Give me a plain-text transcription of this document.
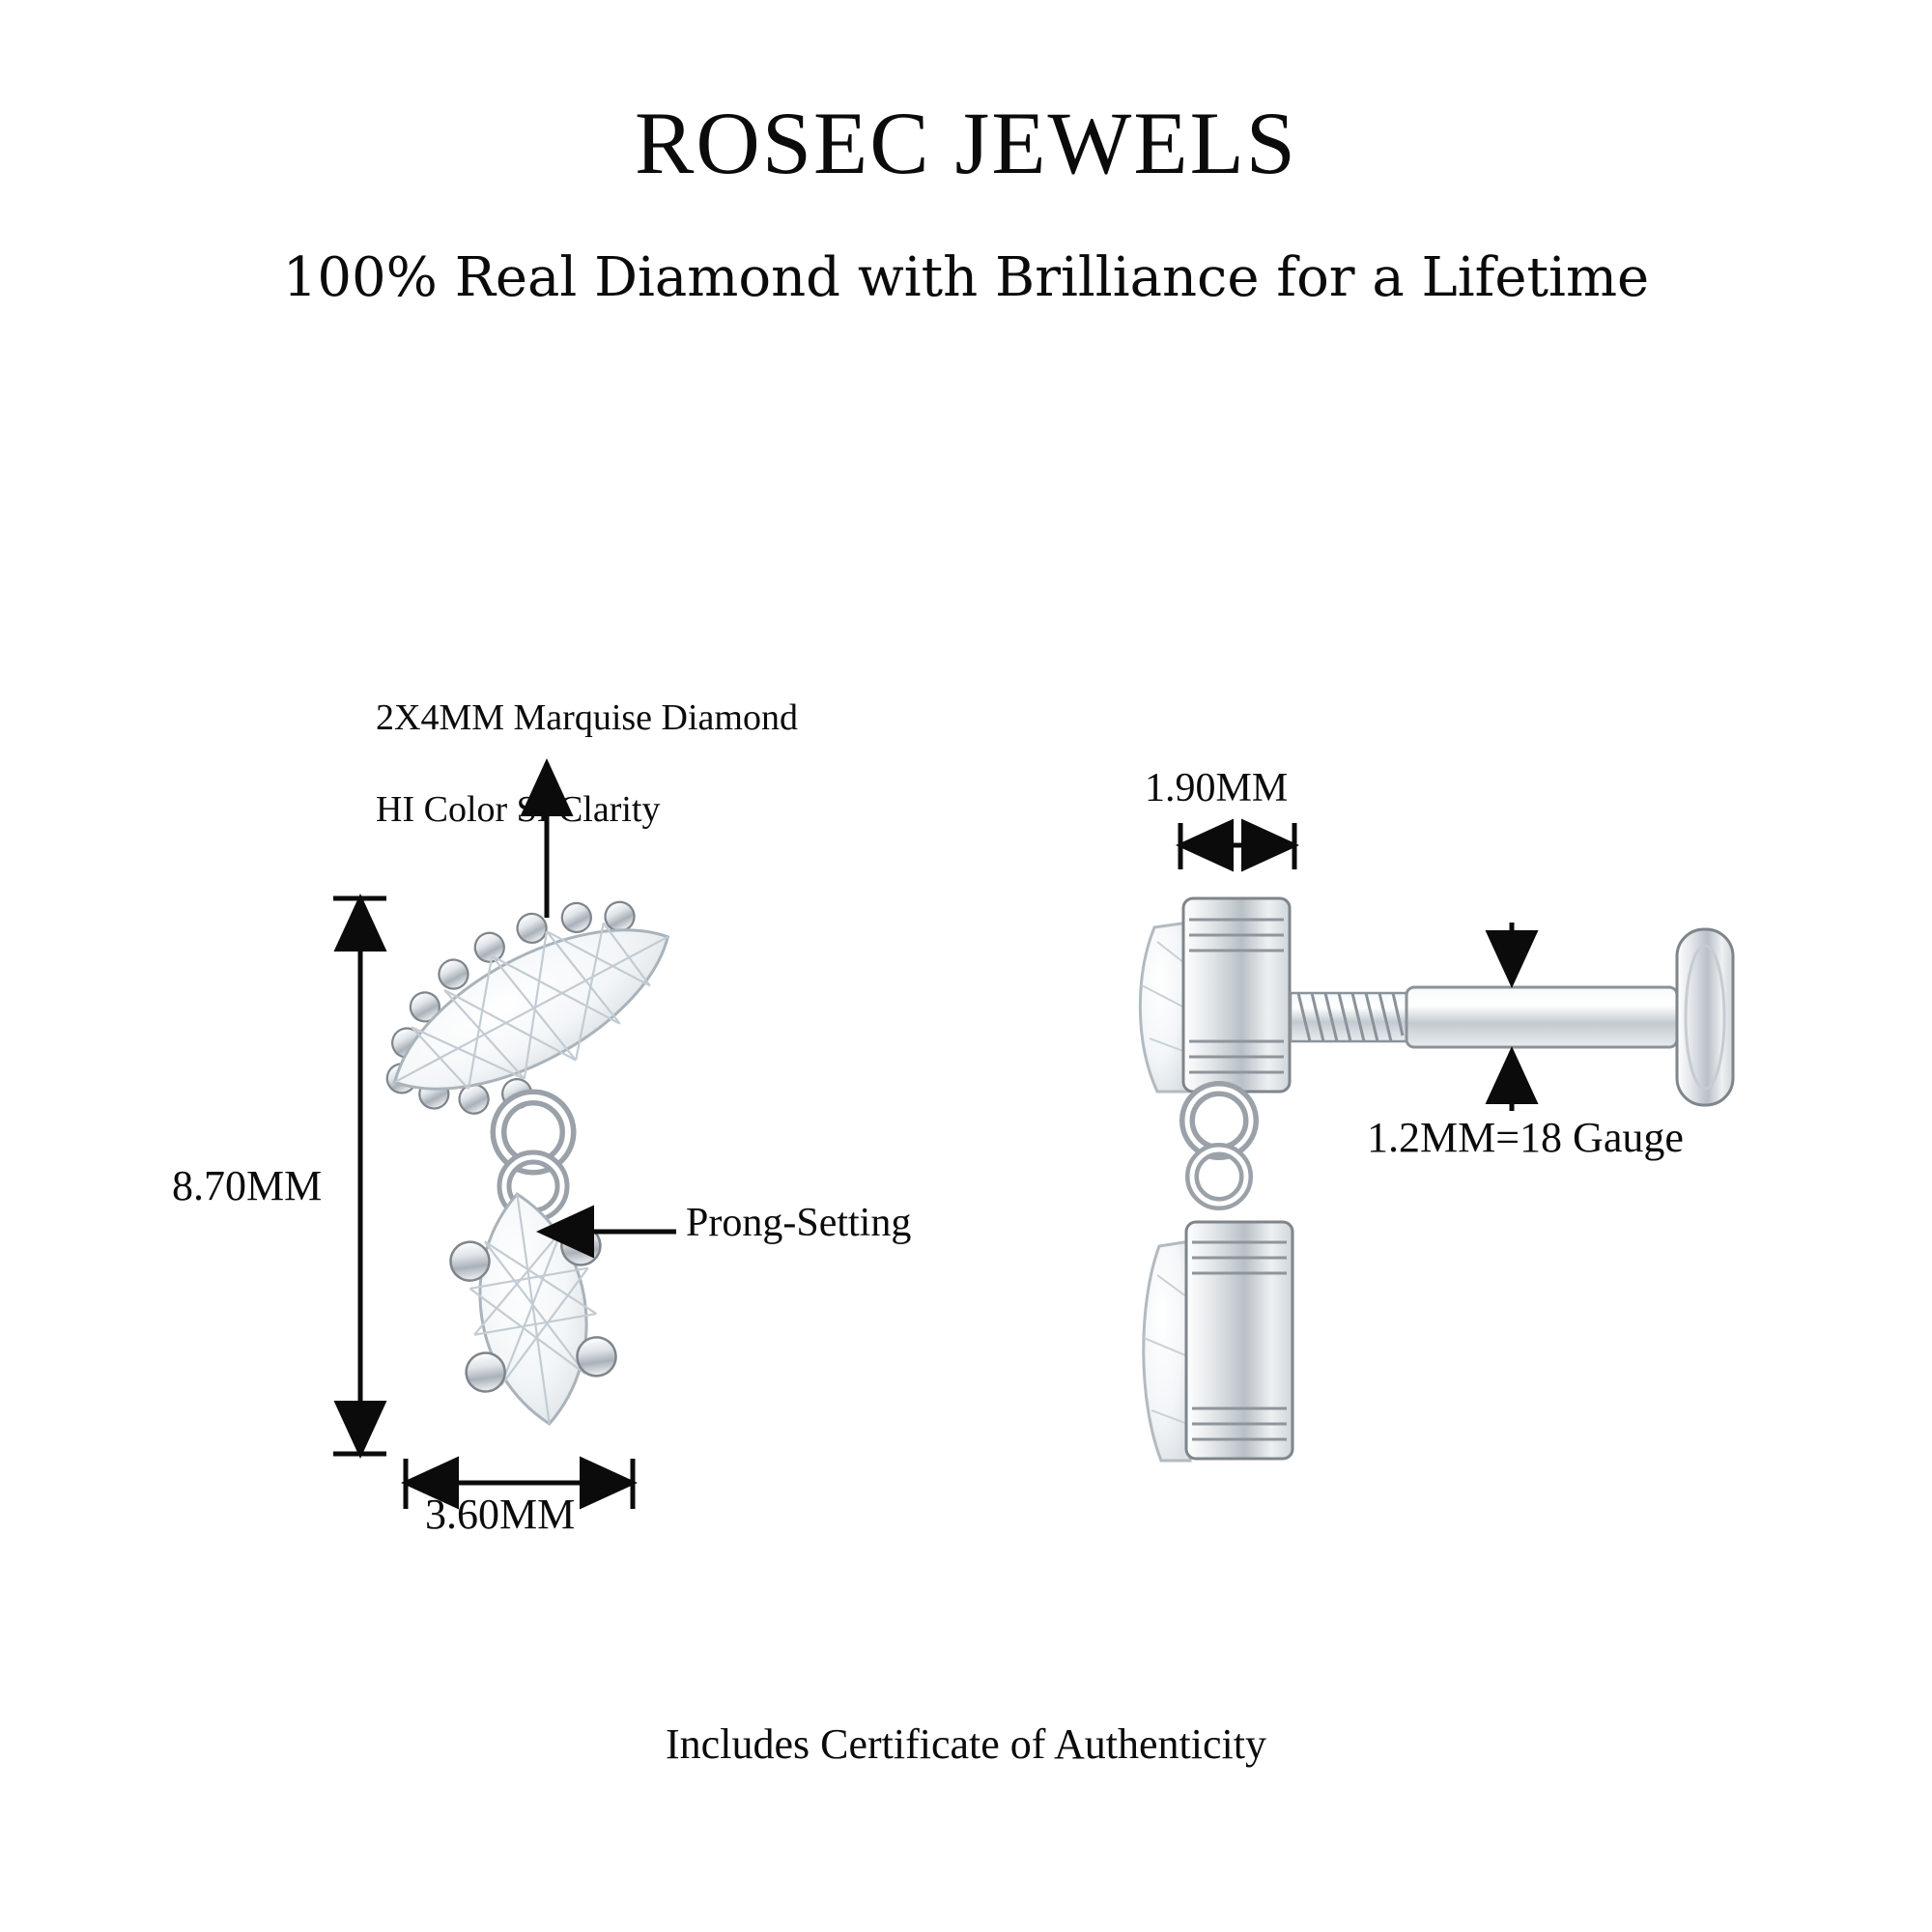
ROSEC JEWELS
100% Real Diamond with Brilliance for a Lifetime

2X4MM Marquise Diamond

HI Color SI Clarity

Prong-Setting
8.70MM
3.60MM
1.90MM
1.2MM=18 Gauge
Includes Certificate of Authenticity
